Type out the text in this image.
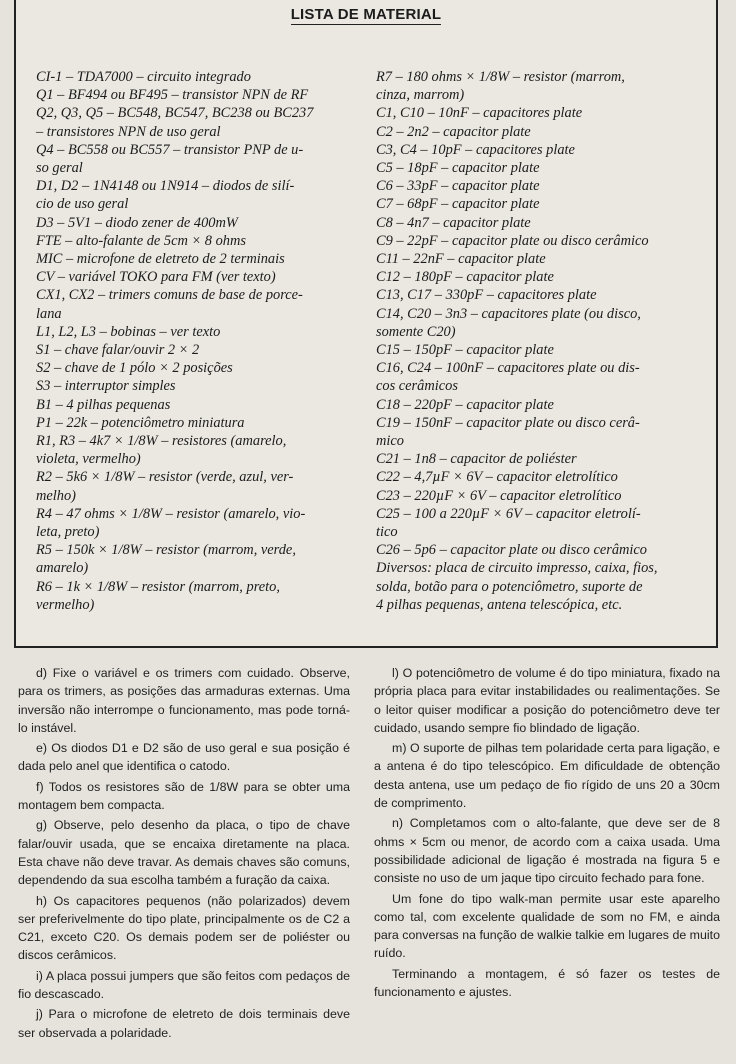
LISTA DE MATERIAL

CI-1 – TDA7000 – circuito integrado

Q1 – BF494 ou BF495 – transistor NPN de RF

Q2, Q3, Q5 – BC548, BC547, BC238 ou BC237

– transistores NPN de uso geral

Q4 – BC558 ou BC557 – transistor PNP de u-

so geral

D1, D2 – 1N4148 ou 1N914 – diodos de silí-

cio de uso geral

D3 – 5V1 – diodo zener de 400mW

FTE – alto-falante de 5cm × 8 ohms

MIC – microfone de eletreto de 2 terminais

CV – variável TOKO para FM (ver texto)

CX1, CX2 – trimers comuns de base de porce-

lana

L1, L2, L3 – bobinas – ver texto

S1 – chave falar/ouvir 2 × 2

S2 – chave de 1 pólo × 2 posições

S3 – interruptor simples

B1 – 4 pilhas pequenas

P1 – 22k – potenciômetro miniatura

R1, R3 – 4k7 × 1/8W – resistores (amarelo,

violeta, vermelho)

R2 – 5k6 × 1/8W – resistor (verde, azul, ver-

melho)

R4 – 47 ohms × 1/8W – resistor (amarelo, vio-

leta, preto)

R5 – 150k × 1/8W – resistor (marrom, verde,

amarelo)

R6 – 1k × 1/8W – resistor (marrom, preto,

vermelho)

R7 – 180 ohms × 1/8W – resistor (marrom,

cinza, marrom)

C1, C10 – 10nF – capacitores plate

C2 – 2n2 – capacitor plate

C3, C4 – 10pF – capacitores plate

C5 – 18pF – capacitor plate

C6 – 33pF – capacitor plate

C7 – 68pF – capacitor plate

C8 – 4n7 – capacitor plate

C9 – 22pF – capacitor plate ou disco cerâmico

C11 – 22nF – capacitor plate

C12 – 180pF – capacitor plate

C13, C17 – 330pF – capacitores plate

C14, C20 – 3n3 – capacitores plate (ou disco,

somente C20)

C15 – 150pF – capacitor plate

C16, C24 – 100nF – capacitores plate ou dis-

cos cerâmicos

C18 – 220pF – capacitor plate

C19 – 150nF – capacitor plate ou disco cerâ-

mico

C21 – 1n8 – capacitor de poliéster

C22 – 4,7µF × 6V – capacitor eletrolítico

C23 – 220µF × 6V – capacitor eletrolítico

C25 – 100 a 220µF × 6V – capacitor eletrolí-

tico

C26 – 5p6 – capacitor plate ou disco cerâmico

Diversos: placa de circuito impresso, caixa, fios,

solda, botão para o potenciômetro, suporte de

4 pilhas pequenas, antena telescópica, etc.

d) Fixe o variável e os trimers com cuidado. Observe, para os trimers, as posições das armaduras externas. Uma inversão não interrompe o funcionamento, mas pode torná-lo instável.

e) Os diodos D1 e D2 são de uso geral e sua posição é dada pelo anel que identifica o catodo.

f) Todos os resistores são de 1/8W para se obter uma montagem bem compacta.

g) Observe, pelo desenho da placa, o tipo de chave falar/ouvir usada, que se encaixa diretamente na placa. Esta chave não deve travar. As demais chaves são comuns, dependendo da sua escolha também a furação da caixa.

h) Os capacitores pequenos (não polarizados) devem ser preferivelmente do tipo plate, principalmente os de C2 a C21, exceto C20. Os demais podem ser de poliéster ou discos cerâmicos.

i) A placa possui jumpers que são feitos com pedaços de fio descascado.

j) Para o microfone de eletreto de dois terminais deve ser observada a polaridade.

l) O potenciômetro de volume é do tipo miniatura, fixado na própria placa para evitar instabilidades ou realimentações. Se o leitor quiser modificar a posição do potenciômetro deve ter cuidado, usando sempre fio blindado de ligação.

m) O suporte de pilhas tem polaridade certa para ligação, e a antena é do tipo telescópico. Em dificuldade de obtenção desta antena, use um pedaço de fio rígido de uns 20 a 30cm de comprimento.

n) Completamos com o alto-falante, que deve ser de 8 ohms × 5cm ou menor, de acordo com a caixa usada. Uma possibilidade adicional de ligação é mostrada na figura 5 e consiste no uso de um jaque tipo circuito fechado para fone.

Um fone do tipo walk-man permite usar este aparelho como tal, com excelente qualidade de som no FM, e ainda para conversas na função de walkie talkie em lugares de muito ruído.

Terminando a montagem, é só fazer os testes de funcionamento e ajustes.
